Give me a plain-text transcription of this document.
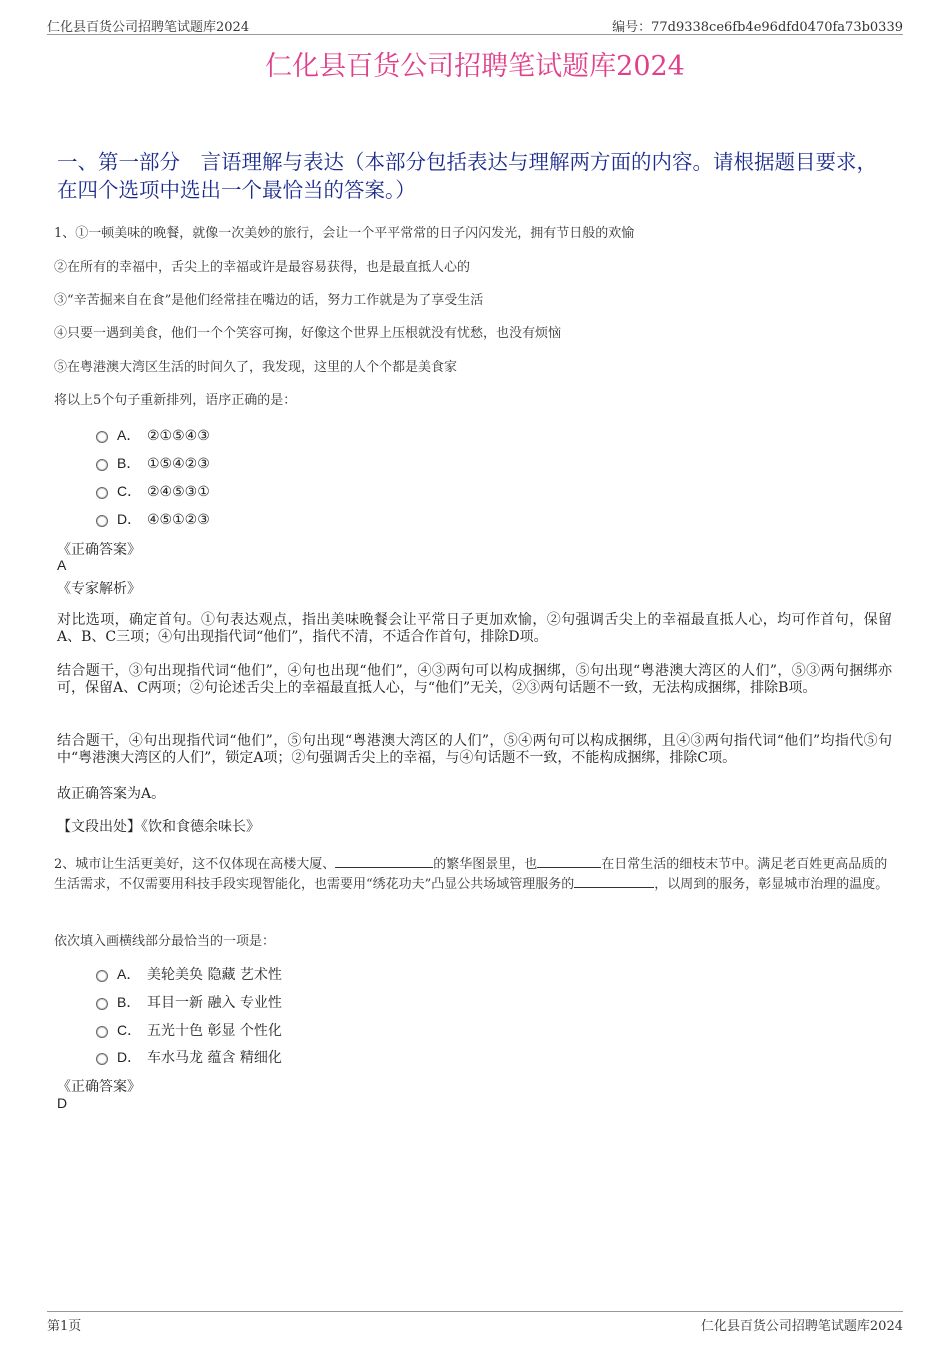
仁化县百货公司招聘笔试题库2024	编号：77d9338ce6fb4e96dfd0470fa73b0339
仁化县百货公司招聘笔试题库2024
一、第一部分　言语理解与表达（本部分包括表达与理解两方面的内容。请根据题目要求，在四个选项中选出一个最恰当的答案。）
1、①一顿美味的晚餐，就像一次美妙的旅行，会让一个平平常常的日子闪闪发光，拥有节日般的欢愉
②在所有的幸福中，舌尖上的幸福或许是最容易获得，也是最直抵人心的
③“辛苦掘来自在食”是他们经常挂在嘴边的话，努力工作就是为了享受生活
④只要一遇到美食，他们一个个笑容可掬，好像这个世界上压根就没有忧愁，也没有烦恼
⑤在粤港澳大湾区生活的时间久了，我发现，这里的人个个都是美食家
将以上5个句子重新排列，语序正确的是：
A． ②①⑤④③
B． ①⑤④②③
C． ②④⑤③①
D． ④⑤①②③
《正确答案》
A
《专家解析》
对比选项，确定首句。①句表达观点，指出美味晚餐会让平常日子更加欢愉，②句强调舌尖上的幸福最直抵人心，均可作首句，保留A、B、C三项；④句出现指代词“他们”，指代不清，不适合作首句，排除D项。
结合题干，③句出现指代词“他们”，④句也出现“他们”，④③两句可以构成捆绑，⑤句出现“粤港澳大湾区的人们”，⑤③两句捆绑亦可，保留A、C两项；②句论述舌尖上的幸福最直抵人心，与“他们”无关，②③两句话题不一致，无法构成捆绑，排除B项。
结合题干，④句出现指代词“他们”，⑤句出现“粤港澳大湾区的人们”，⑤④两句可以构成捆绑，且④③两句指代词“他们”均指代⑤句中“粤港澳大湾区的人们”，锁定A项；②句强调舌尖上的幸福，与④句话题不一致，不能构成捆绑，排除C项。
故正确答案为A。
【文段出处】《饮和食德余味长》
2、城市让生活更美好，这不仅体现在高楼大厦、	的繁华图景里，也	在日常生活的细枝末节中。满足老百姓更高品质的生活需求，不仅需要用科技手段实现智能化，也需要用“绣花功夫”凸显公共场域管理服务的	，以周到的服务，彰显城市治理的温度。
依次填入画横线部分最恰当的一项是：
A． 美轮美奂 隐藏 艺术性
B． 耳目一新 融入 专业性
C． 五光十色 彰显 个性化
D． 车水马龙 蕴含 精细化
《正确答案》
D
第1页	仁化县百货公司招聘笔试题库2024
